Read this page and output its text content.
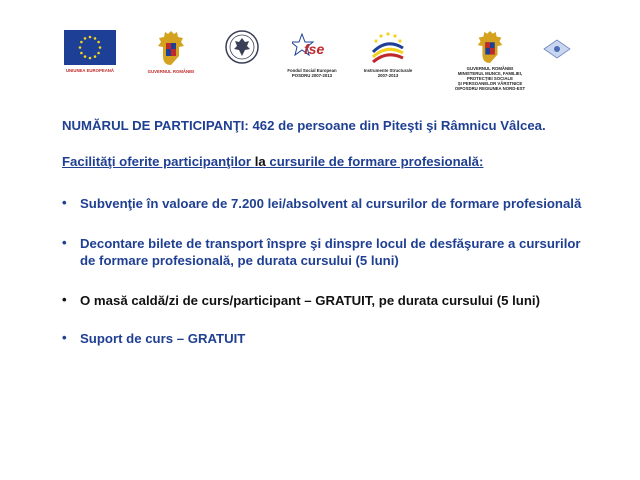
UNIUNEA EUROPEANĂ	GUVERNUL ROMÂNIEI
fse
Fondul Social European
POSDRU 2007-2013
Instrumente Structurale
2007-2013
GUVERNUL ROMÂNIEI
MINISTERUL MUNCII, FAMILIEI,
PROTECȚIEI SOCIALE
ȘI PERSOANELOR VÂRSTNICE
OIPOSDRU REGIUNEA NORD-EST
NUMĂRUL DE PARTICIPANŢI: 462 de persoane din Piteşti şi Râmnicu Vâlcea.
Facilităţi oferite participanţilor la cursurile de formare profesională:
• Subvenţie în valoare de 7.200 lei/absolvent al cursurilor de formare profesională
• Decontare bilete de transport înspre şi dinspre locul de desfăşurare a cursurilor de formare profesională, pe durata cursului (5 luni)
• O masă caldă/zi de curs/participant – GRATUIT, pe durata cursului (5 luni)
• Suport de curs – GRATUIT
